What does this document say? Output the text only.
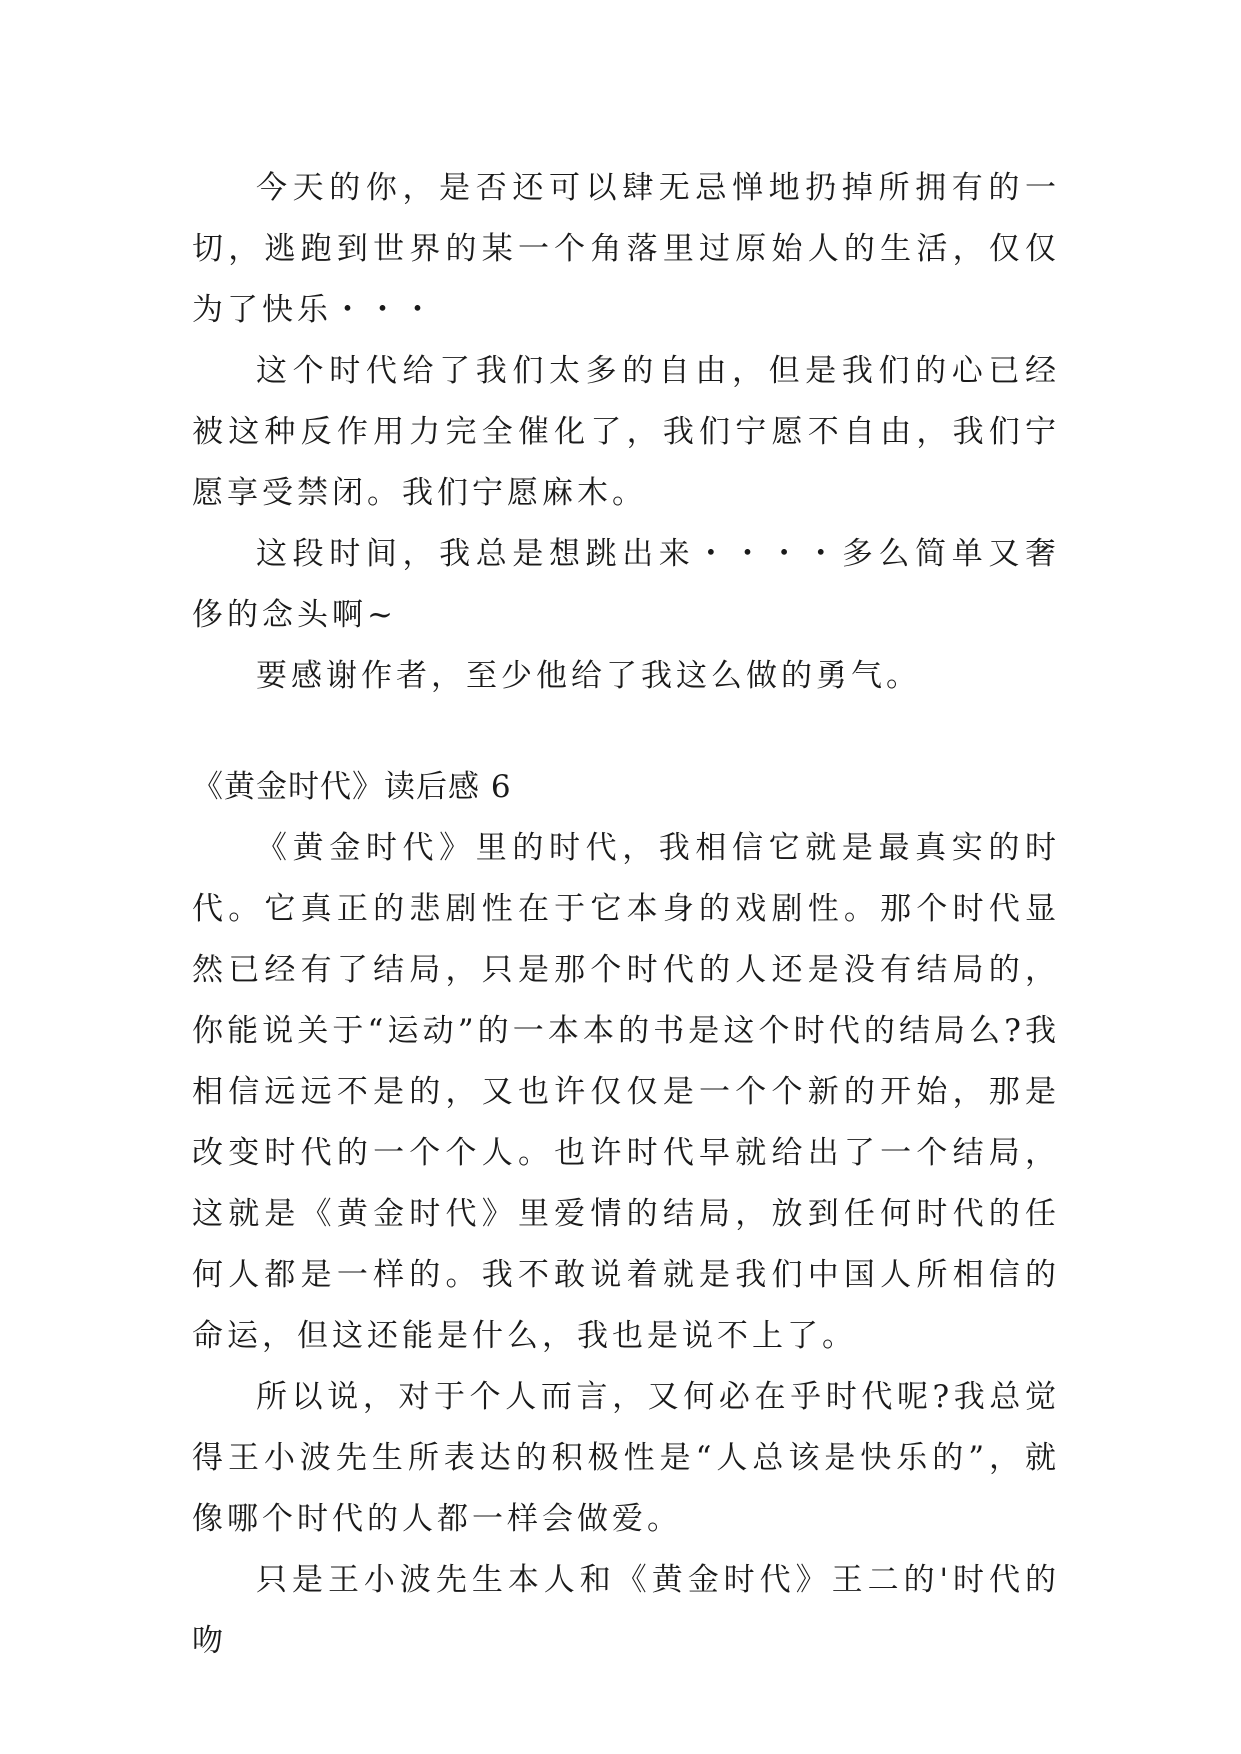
今天的你，是否还可以肆无忌惮地扔掉所拥有的一切，逃跑到世界的某一个角落里过原始人的生活，仅仅为了快乐・・・

这个时代给了我们太多的自由，但是我们的心已经被这种反作用力完全催化了，我们宁愿不自由，我们宁愿享受禁闭。我们宁愿麻木。

这段时间，我总是想跳出来・・・・多么简单又奢侈的念头啊~

要感谢作者，至少他给了我这么做的勇气。

《黄金时代》读后感 6

《黄金时代》里的时代，我相信它就是最真实的时代。它真正的悲剧性在于它本身的戏剧性。那个时代显然已经有了结局，只是那个时代的人还是没有结局的，你能说关于“运动”的一本本的书是这个时代的结局么?我相信远远不是的，又也许仅仅是一个个新的开始，那是改变时代的一个个人。也许时代早就给出了一个结局，这就是《黄金时代》里爱情的结局，放到任何时代的任何人都是一样的。我不敢说着就是我们中国人所相信的命运，但这还能是什么，我也是说不上了。

所以说，对于个人而言，又何必在乎时代呢?我总觉得王小波先生所表达的积极性是“人总该是快乐的”，就像哪个时代的人都一样会做爱。

只是王小波先生本人和《黄金时代》王二的'时代的吻
